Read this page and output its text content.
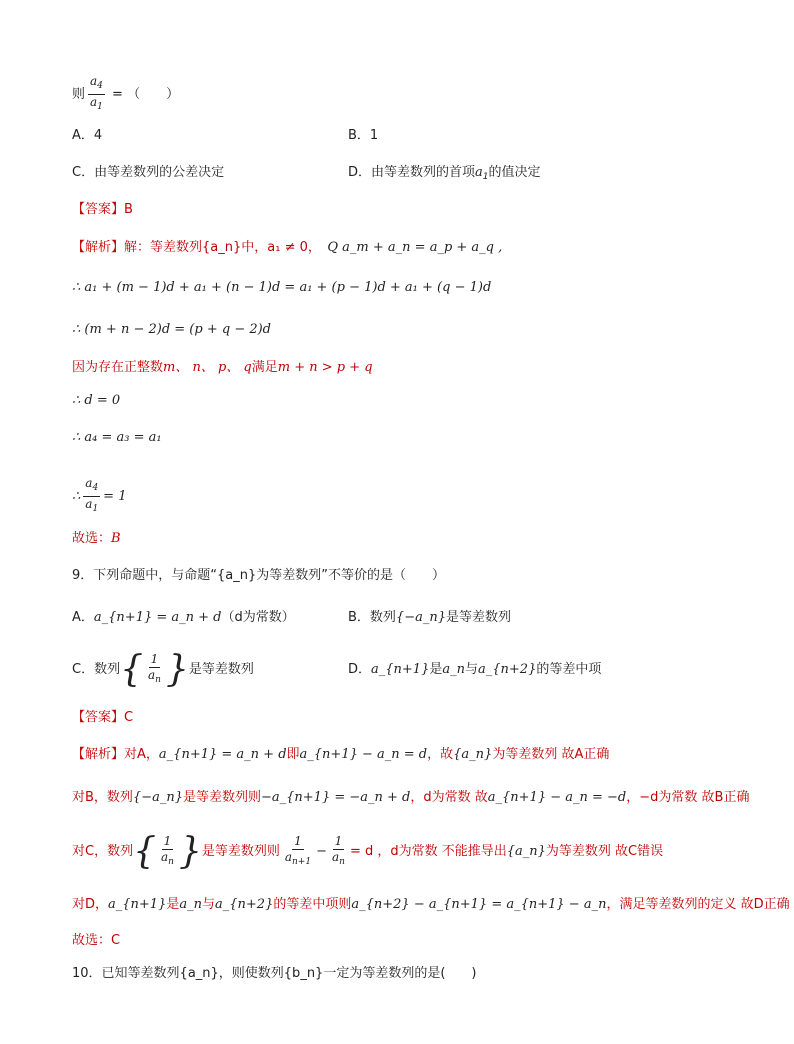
则 $\frac{a_4}{a_1}$ = （　　）
A．4	B．1
C．由等差数列的公差决定	D．由等差数列的首项$a_1$的值决定
【答案】B
【解析】解：等差数列{a_n}中，a₁ ≠ 0，　 Q a_m + a_n = a_p + a_q ,
∴ a₁ + (m − 1)d + a₁ + (n − 1)d = a₁ + (p − 1)d + a₁ + (q − 1)d
∴ (m + n − 2)d = (p + q − 2)d
因为存在正整数m、 n、 p、 q满足m + n > p + q
∴ d = 0
∴ a₄ = a₃ = a₁
∴ $\frac{a_4}{a_1} = 1$
故选：B
9．下列命题中，与命题“{a_n}为等差数列”不等价的是（　　）
A．a_{n+1} = a_n + d（d为常数）	B．数列{−a_n}是等差数列
C．数列 { $\frac{1}{a_n}$ } 是等差数列	D．a_{n+1}是a_n与a_{n+2}的等差中项
【答案】C
【解析】对A，a_{n+1} = a_n + d即a_{n+1} − a_n = d，故{a_n}为等差数列 故A正确
对B，数列{−a_n}是等差数列则−a_{n+1} = −a_n + d，d为常数 故a_{n+1} − a_n = −d，−d为常数 故B正确
对C，数列 { $\frac{1}{a_n}$ } 是等差数列则 $\frac{1}{a_{n+1}} - \frac{1}{a_n} = d$ ，d为常数 不能推导出{a_n}为等差数列 故C错误
对D，a_{n+1}是a_n与a_{n+2}的等差中项则a_{n+2} − a_{n+1} = a_{n+1} − a_n，满足等差数列的定义 故D正确
故选：C
10．已知等差数列{a_n}，则使数列{b_n}一定为等差数列的是(　　)
